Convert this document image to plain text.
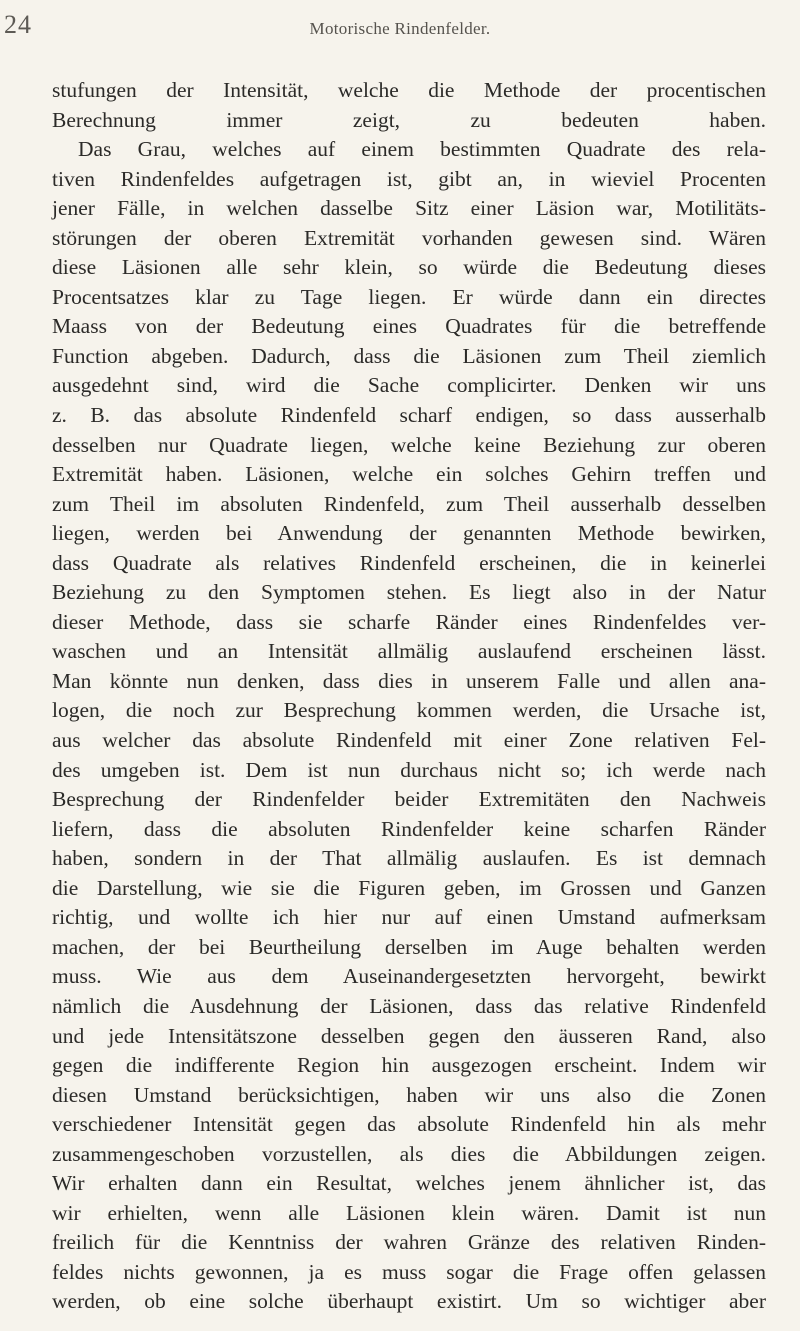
24	Motorische Rindenfelder.
stufungen der Intensität, welche die Methode der procentischen
Berechnung immer zeigt, zu bedeuten haben.
Das Grau, welches auf einem bestimmten Quadrate des rela-
tiven Rindenfeldes aufgetragen ist, gibt an, in wieviel Procenten
jener Fälle, in welchen dasselbe Sitz einer Läsion war, Motilitäts-
störungen der oberen Extremität vorhanden gewesen sind. Wären
diese Läsionen alle sehr klein, so würde die Bedeutung dieses
Procentsatzes klar zu Tage liegen. Er würde dann ein directes
Maass von der Bedeutung eines Quadrates für die betreffende
Function abgeben. Dadurch, dass die Läsionen zum Theil ziemlich
ausgedehnt sind, wird die Sache complicirter. Denken wir uns
z. B. das absolute Rindenfeld scharf endigen, so dass ausserhalb
desselben nur Quadrate liegen, welche keine Beziehung zur oberen
Extremität haben. Läsionen, welche ein solches Gehirn treffen und
zum Theil im absoluten Rindenfeld, zum Theil ausserhalb desselben
liegen, werden bei Anwendung der genannten Methode bewirken,
dass Quadrate als relatives Rindenfeld erscheinen, die in keinerlei
Beziehung zu den Symptomen stehen. Es liegt also in der Natur
dieser Methode, dass sie scharfe Ränder eines Rindenfeldes ver-
waschen und an Intensität allmälig auslaufend erscheinen lässt.
Man könnte nun denken, dass dies in unserem Falle und allen ana-
logen, die noch zur Besprechung kommen werden, die Ursache ist,
aus welcher das absolute Rindenfeld mit einer Zone relativen Fel-
des umgeben ist. Dem ist nun durchaus nicht so; ich werde nach
Besprechung der Rindenfelder beider Extremitäten den Nachweis
liefern, dass die absoluten Rindenfelder keine scharfen Ränder
haben, sondern in der That allmälig auslaufen. Es ist demnach
die Darstellung, wie sie die Figuren geben, im Grossen und Ganzen
richtig, und wollte ich hier nur auf einen Umstand aufmerksam
machen, der bei Beurtheilung derselben im Auge behalten werden
muss. Wie aus dem Auseinandergesetzten hervorgeht, bewirkt
nämlich die Ausdehnung der Läsionen, dass das relative Rindenfeld
und jede Intensitätszone desselben gegen den äusseren Rand, also
gegen die indifferente Region hin ausgezogen erscheint. Indem wir
diesen Umstand berücksichtigen, haben wir uns also die Zonen
verschiedener Intensität gegen das absolute Rindenfeld hin als mehr
zusammengeschoben vorzustellen, als dies die Abbildungen zeigen.
Wir erhalten dann ein Resultat, welches jenem ähnlicher ist, das
wir erhielten, wenn alle Läsionen klein wären. Damit ist nun
freilich für die Kenntniss der wahren Gränze des relativen Rinden-
feldes nichts gewonnen, ja es muss sogar die Frage offen gelassen
werden, ob eine solche überhaupt existirt. Um so wichtiger aber
